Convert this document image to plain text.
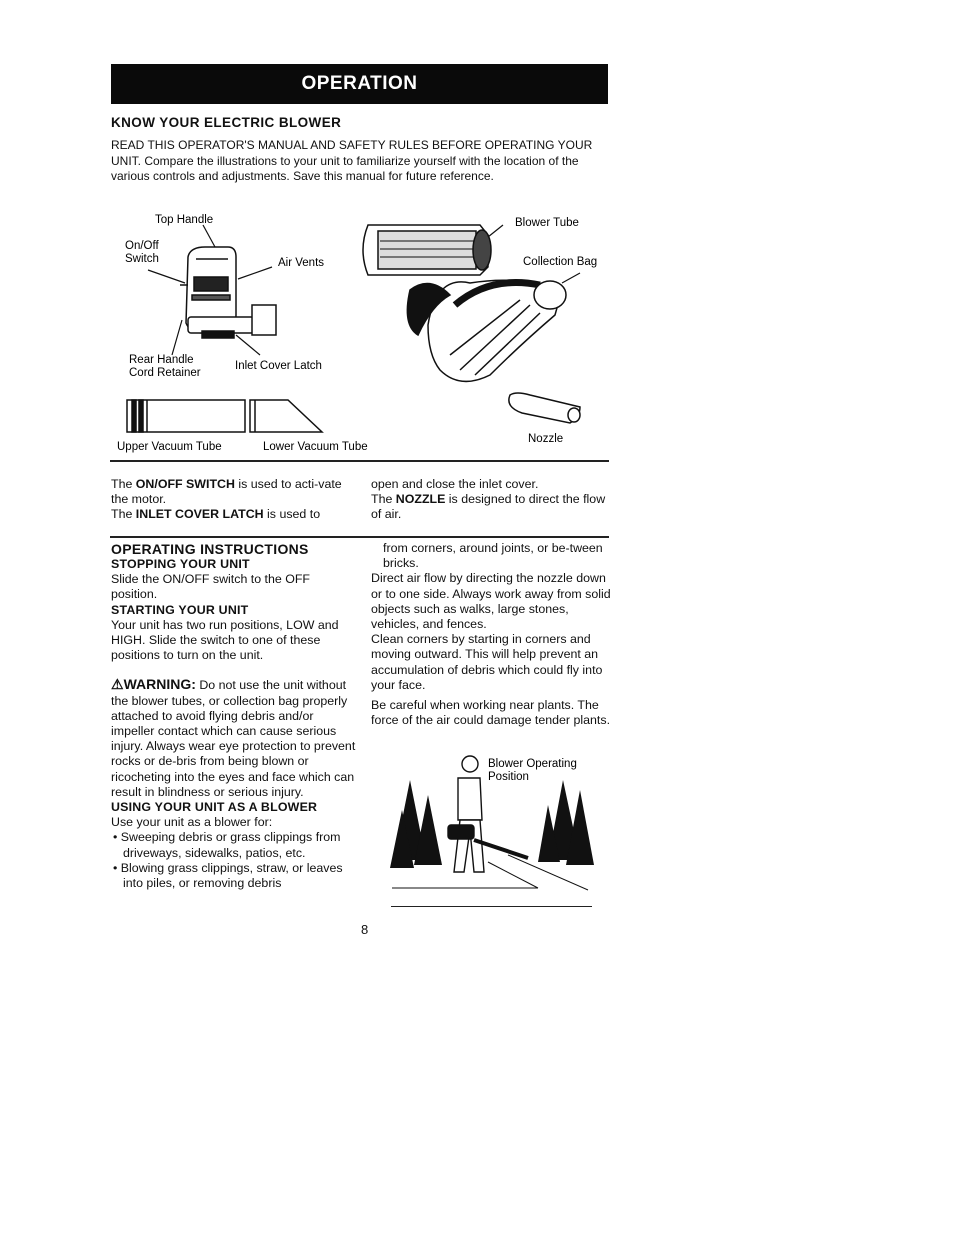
OPERATION
KNOW YOUR ELECTRIC BLOWER
READ THIS OPERATOR'S MANUAL AND SAFETY RULES BEFORE OPERATING YOUR UNIT. Compare the illustrations to your unit to familiarize yourself with the location of the various controls and adjustments. Save this manual for future reference.
Top Handle
On/Off
Switch	Air Vents
Rear Handle
Cord Retainer
Inlet Cover Latch
Blower Tube
Collection Bag
Upper Vacuum Tube	Lower Vacuum Tube
Nozzle

The ON/OFF SWITCH is used to acti-vate the motor.

The INLET COVER LATCH is used to

open and close the inlet cover.

The NOZZLE is designed to direct the flow of air.

OPERATING INSTRUCTIONS

STOPPING YOUR UNIT

Slide the ON/OFF switch to the OFF position.

STARTING YOUR UNIT

Your unit has two run positions, LOW and HIGH. Slide the switch to one of these positions to turn on the unit.

⚠WARNING: Do not use the unit without the blower tubes, or collection bag properly attached to avoid flying debris and/or impeller contact which can cause serious injury. Always wear eye protection to prevent rocks or de-bris from being blown or ricocheting into the eyes and face which can result in blindness or serious injury.

USING YOUR UNIT AS A BLOWER

Use your unit as a blower for:

• Sweeping debris or grass clippings from driveways, sidewalks, patios, etc.

• Blowing grass clippings, straw, or leaves into piles, or removing debris

from corners, around joints, or be-tween bricks.

Direct air flow by directing the nozzle down or to one side. Always work away from solid objects such as walks, large stones, vehicles, and fences.

Clean corners by starting in corners and moving outward. This will help prevent an accumulation of debris which could fly into your face.

Be careful when working near plants. The force of the air could damage tender plants.

Blower Operating
Position
8
